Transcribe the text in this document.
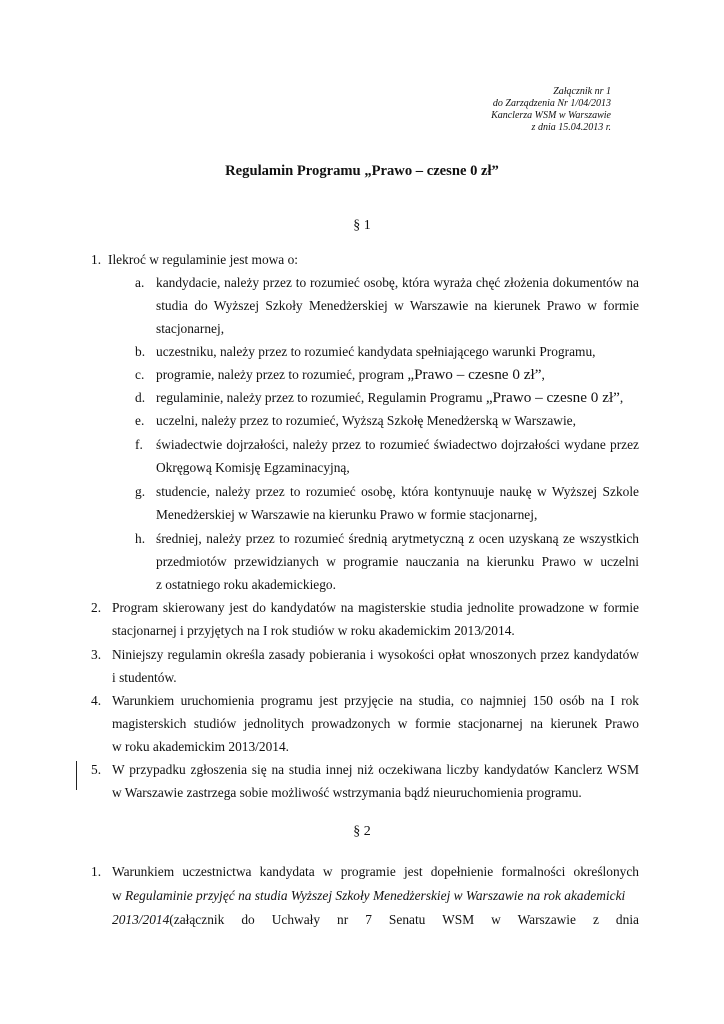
Załącznik nr 1
do Zarządzenia Nr 1/04/2013
Kanclerza WSM w Warszawie
z dnia 15.04.2013 r.
Regulamin Programu „Prawo – czesne 0 zł”
§ 1
1. Ilekroć w regulaminie jest mowa o:
a. kandydacie, należy przez to rozumieć osobę, która wyraża chęć złożenia dokumentów na
studia do Wyższej Szkoły Menedżerskiej w Warszawie na kierunek Prawo w formie
stacjonarnej,
b. uczestniku, należy przez to rozumieć kandydata spełniającego warunki Programu,
c. programie, należy przez to rozumieć, program „Prawo – czesne 0 zł”,
d. regulaminie, należy przez to rozumieć, Regulamin Programu „Prawo – czesne 0 zł”,
e. uczelni, należy przez to rozumieć, Wyższą Szkołę Menedżerską w Warszawie,
f. świadectwie dojrzałości, należy przez to rozumieć świadectwo dojrzałości wydane przez
Okręgową Komisję Egzaminacyjną,
g. studencie, należy przez to rozumieć osobę, która kontynuuje naukę w Wyższej Szkole
Menedżerskiej w Warszawie na kierunku Prawo w formie stacjonarnej,
h. średniej, należy przez to rozumieć średnią arytmetyczną z ocen uzyskaną ze wszystkich
przedmiotów przewidzianych w programie nauczania na kierunku Prawo w uczelni
z ostatniego roku akademickiego.
2. Program skierowany jest do kandydatów na magisterskie studia jednolite prowadzone w formie
stacjonarnej i przyjętych na I rok studiów w roku akademickim 2013/2014.
3. Niniejszy regulamin określa zasady pobierania i wysokości opłat wnoszonych przez kandydatów
i studentów.
4. Warunkiem uruchomienia programu jest przyjęcie na studia, co najmniej 150 osób na I rok
magisterskich studiów jednolitych prowadzonych w formie stacjonarnej na kierunek Prawo
w roku akademickim 2013/2014.
5. W przypadku zgłoszenia się na studia innej niż oczekiwana liczby kandydatów Kanclerz WSM
w Warszawie zastrzega sobie możliwość wstrzymania bądź nieuruchomienia programu.
§ 2
1. Warunkiem uczestnictwa kandydata w programie jest dopełnienie formalności określonych
w Regulaminie przyjęć na studia Wyższej Szkoły Menedżerskiej w Warszawie na rok akademicki
2013/2014 (załącznik do Uchwały nr 7 Senatu WSM w Warszawie z dnia
